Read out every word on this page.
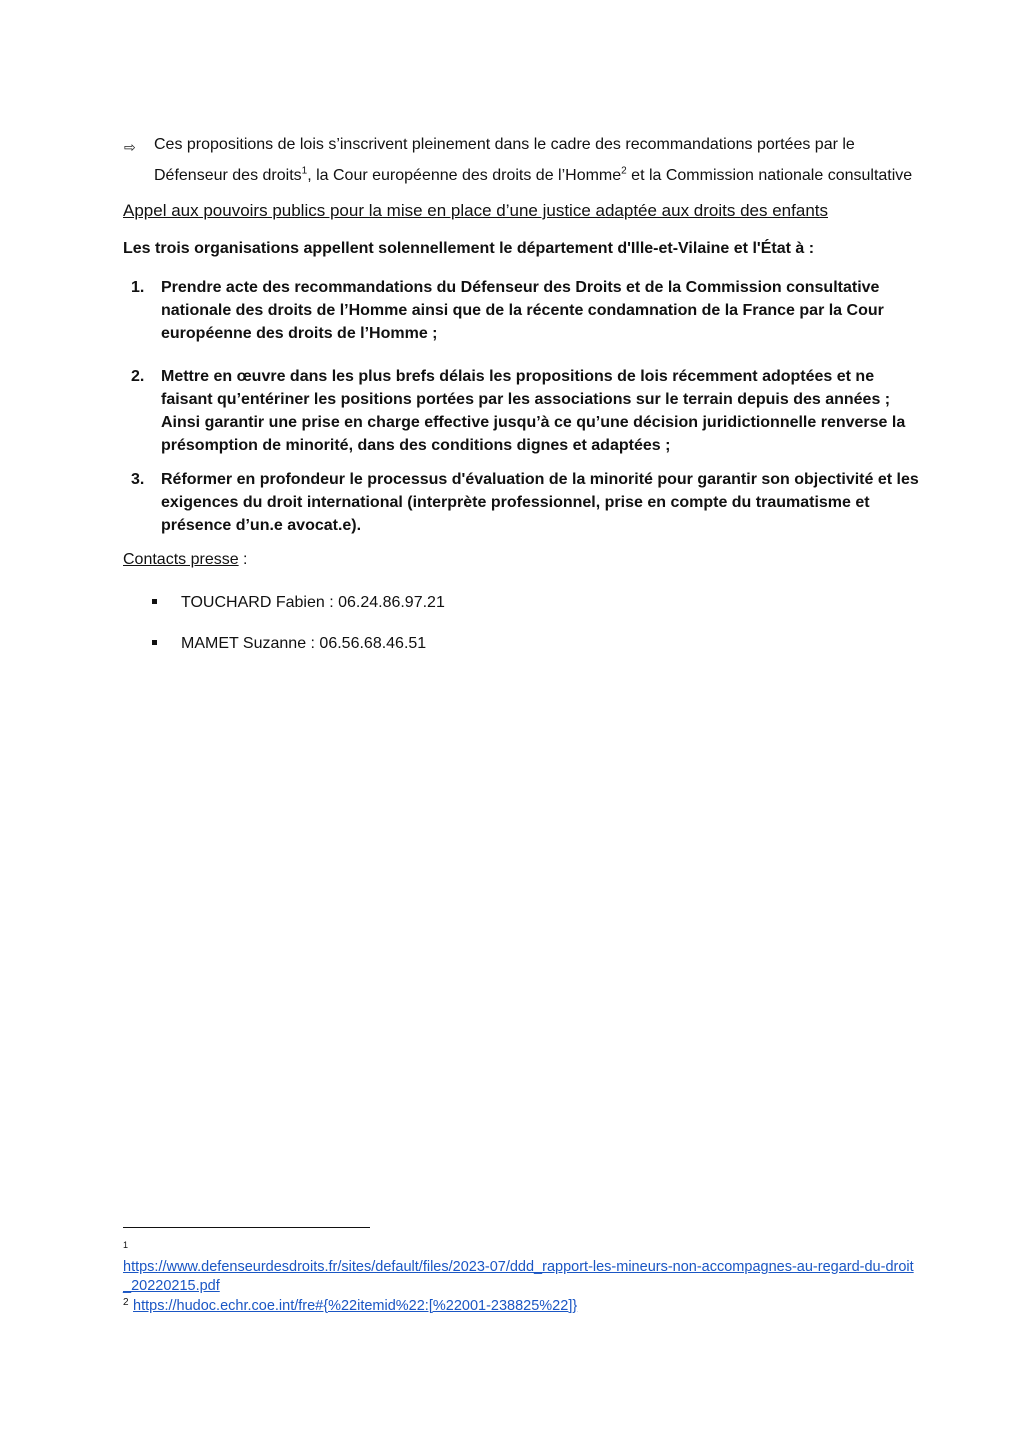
⇨ Ces propositions de lois s’inscrivent pleinement dans le cadre des recommandations portées par le
Défenseur des droits$^1$, la Cour européenne des droits de l’Homme$^2$ et la Commission nationale consultative
Appel aux pouvoirs publics pour la mise en place d’une justice adaptée aux droits des enfants
Les trois organisations appellent solennellement le département d'Ille-et-Vilaine et l'État à :
1. Prendre acte des recommandations du Défenseur des Droits et de la Commission consultative
nationale des droits de l’Homme ainsi que de la récente condamnation de la France par la Cour
européenne des droits de l’Homme ;
2. Mettre en œuvre dans les plus brefs délais les propositions de lois récemment adoptées et ne
faisant qu’entériner les positions portées par les associations sur le terrain depuis des années ;
Ainsi garantir une prise en charge effective jusqu’à ce qu’une décision juridictionnelle renverse la
présomption de minorité, dans des conditions dignes et adaptées ;
3. Réformer en profondeur le processus d'évaluation de la minorité pour garantir son objectivité et les
exigences du droit international (interprète professionnel, prise en compte du traumatisme et
présence d’un.e avocat.e).
Contacts presse :
TOUCHARD Fabien : 06.24.86.97.21
MAMET Suzanne : 06.56.68.46.51
1
https://www.defenseurdesdroits.fr/sites/default/files/2023-07/ddd_rapport-les-mineurs-non-accompagnes-au-regard-du-droit
_20220215.pdf
$^2$ https://hudoc.echr.coe.int/fre#{%22itemid%22:[%22001-238825%22]}
